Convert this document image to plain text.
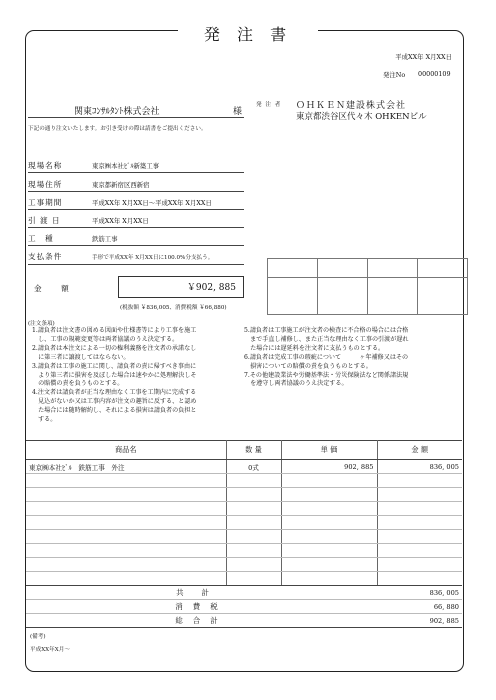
発 注 書
平成XX年 X月XX日
発注No 00000109
関東ｺﾝｻﾙﾀﾝﾄ株式会社	様
下記の通り注文いたします。お引き受けの際は請書をご提出ください。
発 注 者 ＯＨＫＥＮ建設株式会社
東京都渋谷区代々木 OHKENビル
現場名称	東京㈱本社ﾋﾞﾙ新築工事
現場住所	東京都新宿区西新宿
工事期間	平成XX年 X月XX日～平成XX年 X月XX日
引 渡 日	平成XX年 X月XX日
工　種	鉄筋工事
支払条件	手形で平成XX年 X月XX日に100.0%分支払う。

金　額	￥902, 885
(税抜額 ￥836,005、消費税額 ￥66,880)
(注文条項)
1.請負者は注文書の図める図面や仕様書等により工事を施工
　し、工事の規範変更等は両者協議のうえ決定する。
2.請負者は本注文による一切の権利義務を注文者の承諾なし
　に第三者に譲渡してはならない。
3.請負者は工事の施工に関し、請負者の責に帰すべき事由に
　より第三者に損害を及ぼした場合は速やかに処理解決しそ
　の賠償の責を負うものとする。
4.注文者は請負者が正当な理由なく工事を工期内に完成する
　見込がないか又は工事内容が注文の趣旨に反する、と認め
　た場合には随時解約し、それによる損害は請負者の負担と
　する。
5.請負者は工事施工が注文者の検査に不合格の場合には合格
　まで手直し補修し、また正当な理由なく工事の引渡が遅れ
　た場合には遅延料を注文者に支払うものとする。
6.請負者は完成工事の瑕疵について　　　ヶ年補修又はその
　損害についての賠償の責を負うものとする。
7.その他建設業法や労働基準法・労災保険法など関係諸法規
　を遵守し両者協議のうえ決定する。
商品名	数 量	単 価	金 額
東京㈱本社ﾋﾞﾙ　鉄筋工事　外注	0式	902, 885	836, 005

共計			836, 005
消費税			66, 880
総合計			902, 885
(備考)
平成XX年X月～
